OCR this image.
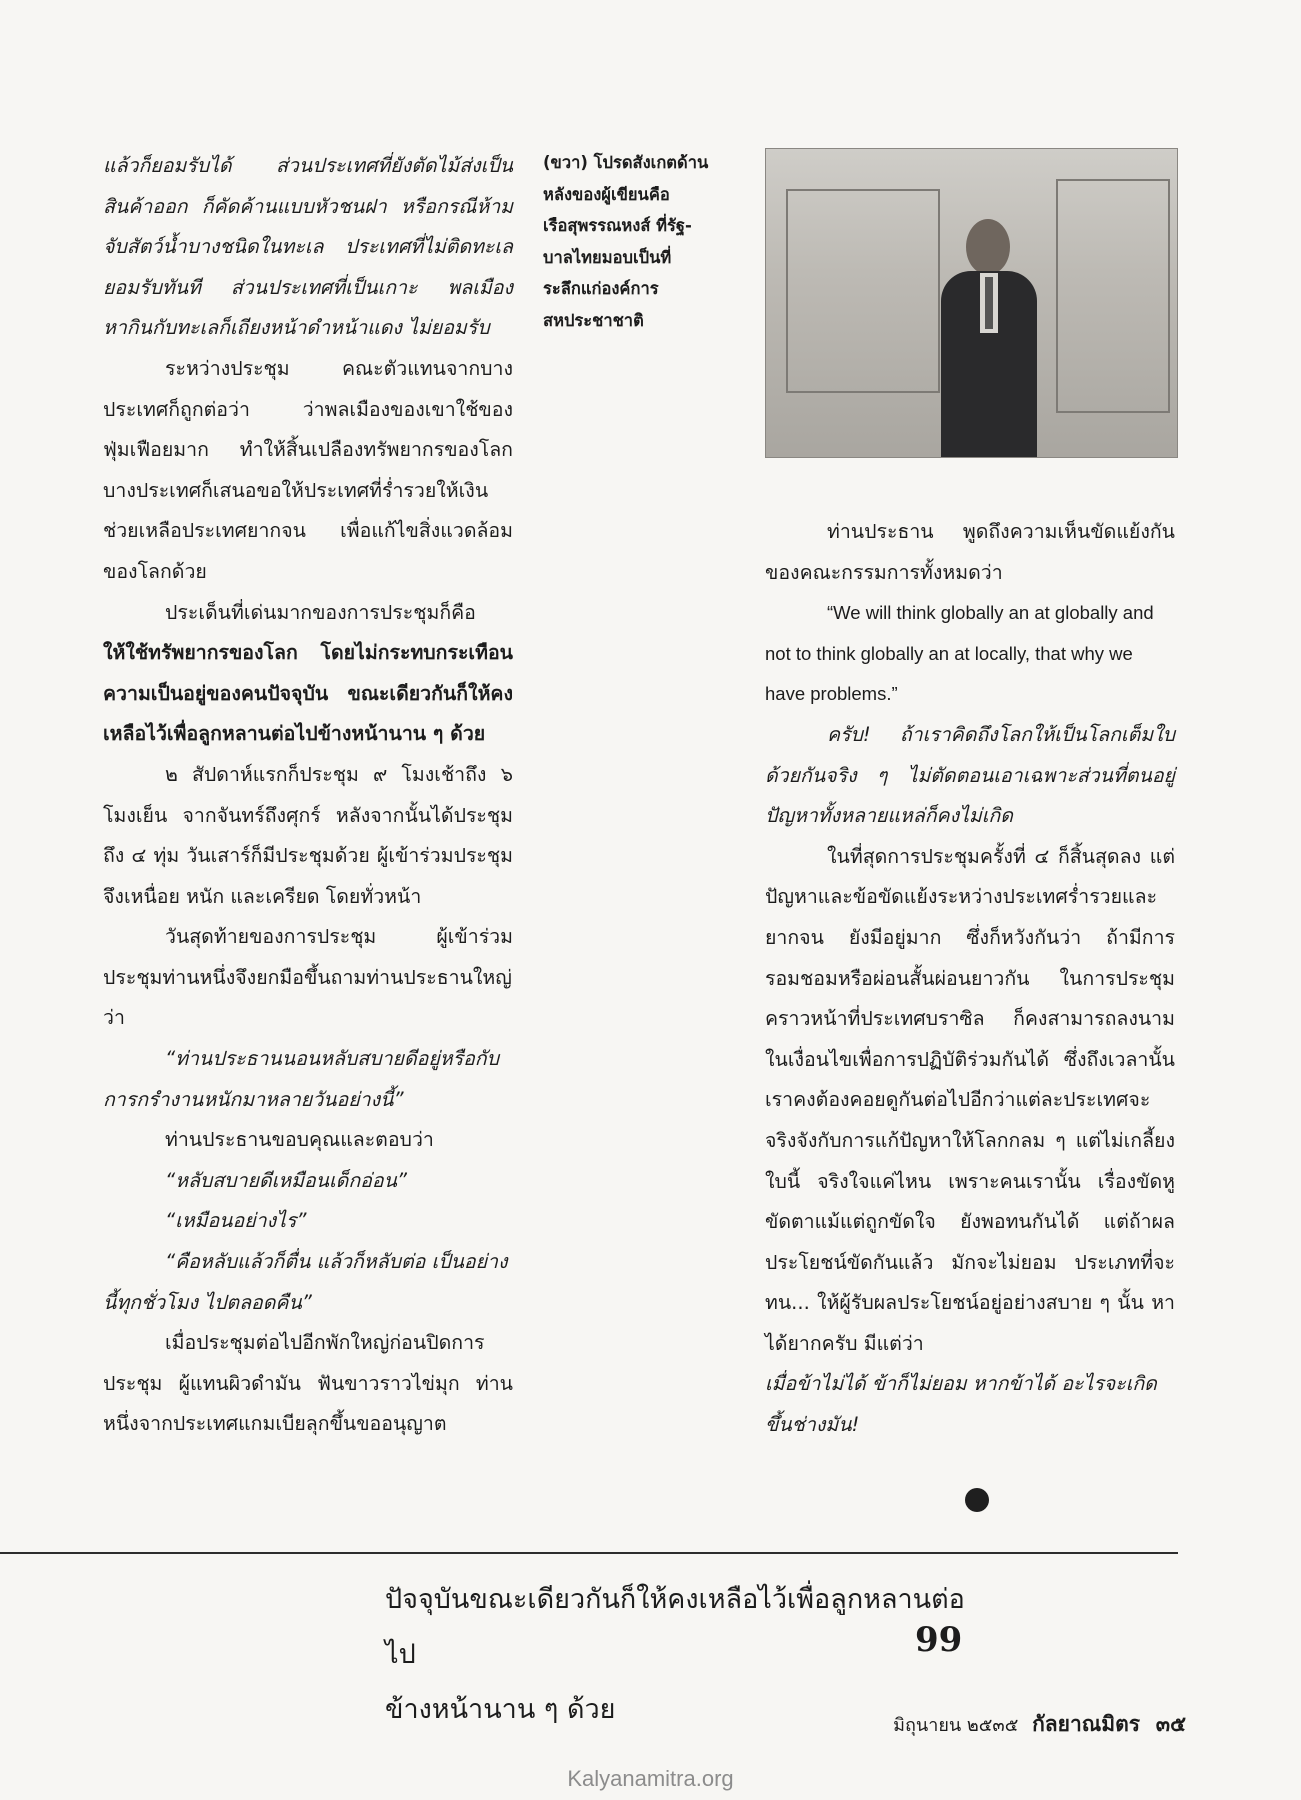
แล้วก็ยอมรับได้ ส่วนประเทศที่ยังตัดไม้ส่งเป็นสินค้าออก ก็คัดค้านแบบหัวชนฝา หรือกรณีห้ามจับสัตว์น้ำบางชนิดในทะเล ประเทศที่ไม่ติดทะเล ยอมรับทันที ส่วนประเทศที่เป็นเกาะ พลเมืองหากินกับทะเลก็เถียงหน้าดำหน้าแดง ไม่ยอมรับ

ระหว่างประชุม คณะตัวแทนจากบางประเทศก็ถูกต่อว่า ว่าพลเมืองของเขาใช้ของฟุ่มเฟือยมาก ทำให้สิ้นเปลืองทรัพยากรของโลก บางประเทศก็เสนอขอให้ประเทศที่ร่ำรวยให้เงินช่วยเหลือประเทศยากจน เพื่อแก้ไขสิ่งแวดล้อมของโลกด้วย

ประเด็นที่เด่นมากของการประชุมก็คือ

ให้ใช้ทรัพยากรของโลก โดยไม่กระทบกระเทือนความเป็นอยู่ของคนปัจจุบัน ขณะเดียวกันก็ให้คงเหลือไว้เพื่อลูกหลานต่อไปข้างหน้านาน ๆ ด้วย

๒ สัปดาห์แรกก็ประชุม ๙ โมงเช้าถึง ๖ โมงเย็น จากจันทร์ถึงศุกร์ หลังจากนั้นได้ประชุมถึง ๔ ทุ่ม วันเสาร์ก็มีประชุมด้วย ผู้เข้าร่วมประชุมจึงเหนื่อย หนัก และเครียด โดยทั่วหน้า

วันสุดท้ายของการประชุม ผู้เข้าร่วมประชุมท่านหนึ่งจึงยกมือขึ้นถามท่านประธานใหญ่ว่า

“ท่านประธานนอนหลับสบายดีอยู่หรือกับการกรำงานหนักมาหลายวันอย่างนี้”

ท่านประธานขอบคุณและตอบว่า

“หลับสบายดีเหมือนเด็กอ่อน”

“เหมือนอย่างไร”

“คือหลับแล้วก็ตื่น แล้วก็หลับต่อ เป็นอย่างนี้ทุกชั่วโมง ไปตลอดคืน”

เมื่อประชุมต่อไปอีกพักใหญ่ก่อนปิดการประชุม ผู้แทนผิวดำมัน ฟันขาวราวไข่มุก ท่านหนึ่งจากประเทศแกมเบียลุกขึ้นขออนุญาต

(ขวา) โปรดสังเกตด้าน

หลังของผู้เขียนคือ

เรือสุพรรณหงส์ ที่รัฐ-

บาลไทยมอบเป็นที่

ระลึกแก่องค์การ

สหประชาชาติ

ท่านประธาน พูดถึงความเห็นขัดแย้งกันของคณะกรรมการทั้งหมดว่า

“We will think globally an at globally and not to think globally an at locally, that why we have problems.”

ครับ! ถ้าเราคิดถึงโลกให้เป็นโลกเต็มใบด้วยกันจริง ๆ ไม่ตัดตอนเอาเฉพาะส่วนที่ตนอยู่ ปัญหาทั้งหลายแหล่ก็คงไม่เกิด

ในที่สุดการประชุมครั้งที่ ๔ ก็สิ้นสุดลง แต่ปัญหาและข้อขัดแย้งระหว่างประเทศร่ำรวยและยากจน ยังมีอยู่มาก ซึ่งก็หวังกันว่า ถ้ามีการรอมชอมหรือผ่อนสั้นผ่อนยาวกัน ในการประชุมคราวหน้าที่ประเทศบราซิล ก็คงสามารถลงนามในเงื่อนไขเพื่อการปฏิบัติร่วมกันได้ ซึ่งถึงเวลานั้นเราคงต้องคอยดูกันต่อไปอีกว่าแต่ละประเทศจะจริงจังกับการแก้ปัญหาให้โลกกลม ๆ แต่ไม่เกลี้ยงใบนี้ จริงใจแค่ไหน เพราะคนเรานั้น เรื่องขัดหูขัดตาแม้แต่ถูกขัดใจ ยังพอทนกันได้ แต่ถ้าผลประโยชน์ขัดกันแล้ว มักจะไม่ยอม ประเภทที่จะทน... ให้ผู้รับผลประโยชน์อยู่อย่างสบาย ๆ นั้น หาได้ยากครับ มีแต่ว่า

เมื่อข้าไม่ได้ ข้าก็ไม่ยอม หากข้าได้ อะไรจะเกิดขึ้นช่างมัน!

ปัจจุบันขณะเดียวกันก็ให้คงเหลือไว้เพื่อลูกหลานต่อไป

ข้างหน้านาน ๆ ด้วย

99
มิถุนายน ๒๕๓๕ กัลยาณมิตร ๓๕
Kalyanamitra.org
